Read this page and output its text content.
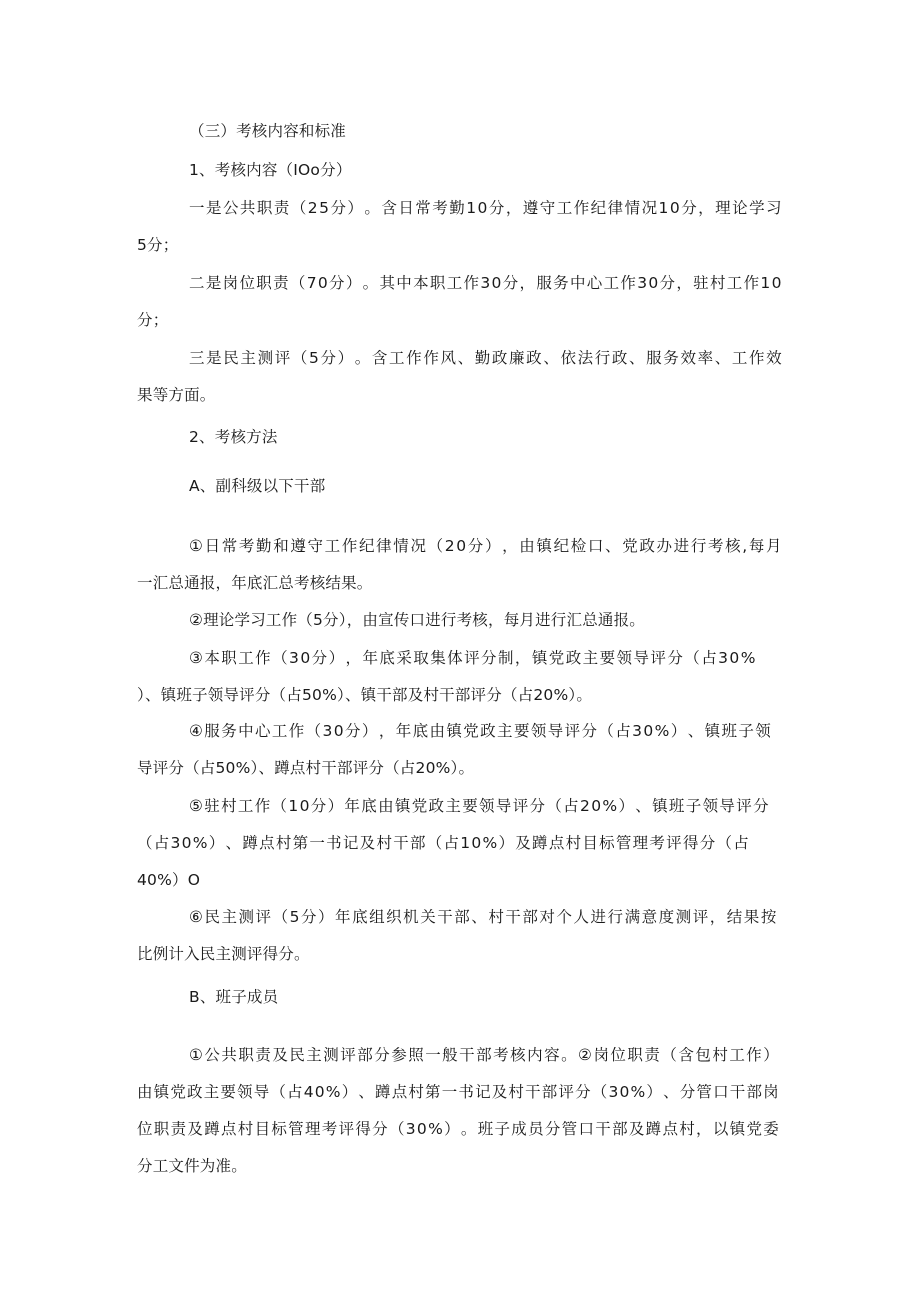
（三）考核内容和标准
1、考核内容（IOo分）
一 是 公 共 职 责 （ 2 5 分 ） 。 含 日 常 考 勤 1 0 分 ， 遵 守 工 作 纪 律 情 况 1 0 分 ， 理 论 学 习
5分；
二 是 岗 位 职 责 （ 7 0 分 ） 。 其 中 本 职 工 作 3 0 分 ， 服 务 中 心 工 作 3 0 分 ， 驻 村 工 作 1 0
分；
三 是 民 主 测 评 （ 5 分 ） 。 含 工 作 作 风 、 勤 政 廉 政 、 依 法 行 政 、 服 务 效 率 、 工 作 效
果等方面。
2、考核方法
A、副科级以下干部
① 日 常 考 勤 和 遵 守 工 作 纪 律 情 况 （ 2 0 分 ） ， 由 镇 纪 检 口 、 党 政 办 进 行 考 核 , 每 月
一汇总通报，年底汇总考核结果。
②理论学习工作（5分），由宣传口进行考核，每月进行汇总通报。
③ 本 职 工 作 （ 3 0 分 ） ， 年 底 采 取 集 体 评 分 制 ， 镇 党 政 主 要 领 导 评 分 （ 占 3 0 %
）、镇班子领导评分（占50%）、镇干部及村干部评分（占20%）。
④ 服 务 中 心 工 作 （ 3 0 分 ） ， 年 底 由 镇 党 政 主 要 领 导 评 分 （ 占 3 0 % ） 、 镇 班 子 领
导评分（占50%）、蹲点村干部评分（占20%）。
⑤ 驻 村 工 作 （ 1 0 分 ） 年 底 由 镇 党 政 主 要 领 导 评 分 （ 占 2 0 % ） 、 镇 班 子 领 导 评 分
（ 占 3 0 % ） 、 蹲 点 村 第 一 书 记 及 村 干 部 （ 占 1 0 % ） 及 蹲 点 村 目 标 管 理 考 评 得 分 （ 占
40%）O
⑥ 民 主 测 评 （ 5 分 ） 年 底 组 织 机 关 干 部 、 村 干 部 对 个 人 进 行 满 意 度 测 评 ， 结 果 按
比例计入民主测评得分。
B、班子成员
① 公 共 职 责 及 民 主 测 评 部 分 参 照 一 般 干 部 考 核 内 容 。 ② 岗 位 职 责 （ 含 包 村 工 作 ）
由 镇 党 政 主 要 领 导 （ 占 4 0 % ） 、 蹲 点 村 第 一 书 记 及 村 干 部 评 分 （ 3 0 % ） 、 分 管 口 干 部 岗
位 职 责 及 蹲 点 村 目 标 管 理 考 评 得 分 （ 3 0 % ） 。 班 子 成 员 分 管 口 干 部 及 蹲 点 村 ， 以 镇 党 委
分工文件为准。
